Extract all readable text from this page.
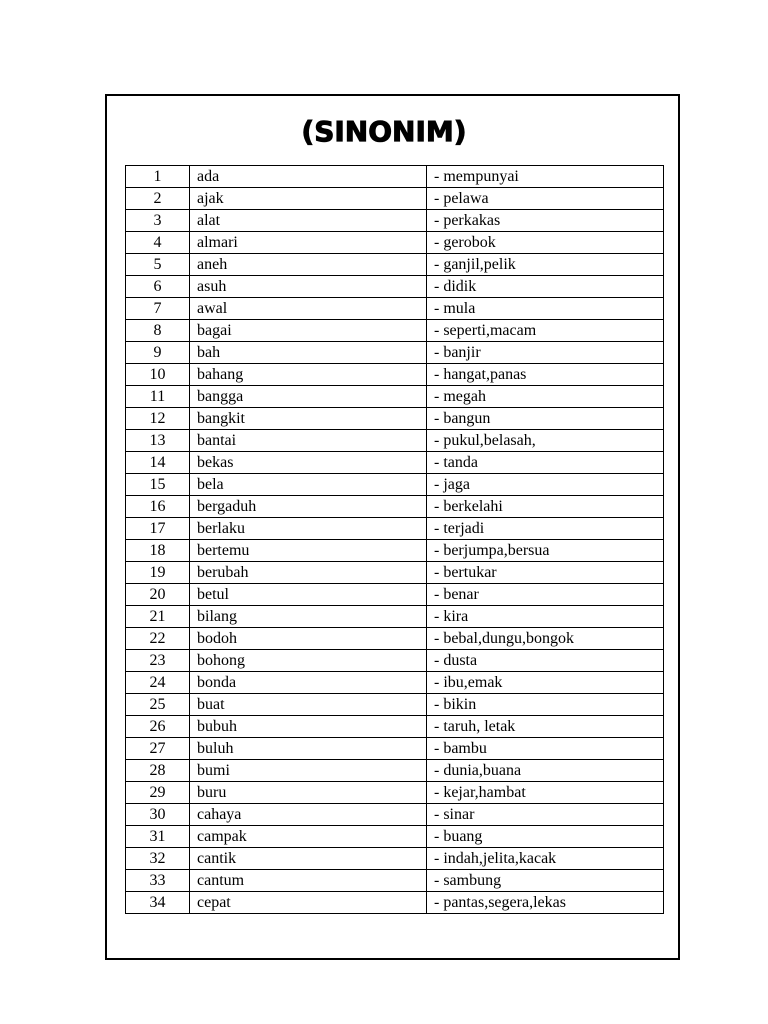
(SINONIM)
1	ada	- mempunyai
2	ajak	- pelawa
3	alat	- perkakas
4	almari	- gerobok
5	aneh	- ganjil,pelik
6	asuh	- didik
7	awal	- mula
8	bagai	- seperti,macam
9	bah	- banjir
10	bahang	- hangat,panas
11	bangga	- megah
12	bangkit	- bangun
13	bantai	- pukul,belasah,
14	bekas	- tanda
15	bela	- jaga
16	bergaduh	- berkelahi
17	berlaku	- terjadi
18	bertemu	- berjumpa,bersua
19	berubah	- bertukar
20	betul	- benar
21	bilang	- kira
22	bodoh	- bebal,dungu,bongok
23	bohong	- dusta
24	bonda	- ibu,emak
25	buat	- bikin
26	bubuh	- taruh, letak
27	buluh	- bambu
28	bumi	- dunia,buana
29	buru	- kejar,hambat
30	cahaya	- sinar
31	campak	- buang
32	cantik	- indah,jelita,kacak
33	cantum	- sambung
34	cepat	- pantas,segera,lekas
